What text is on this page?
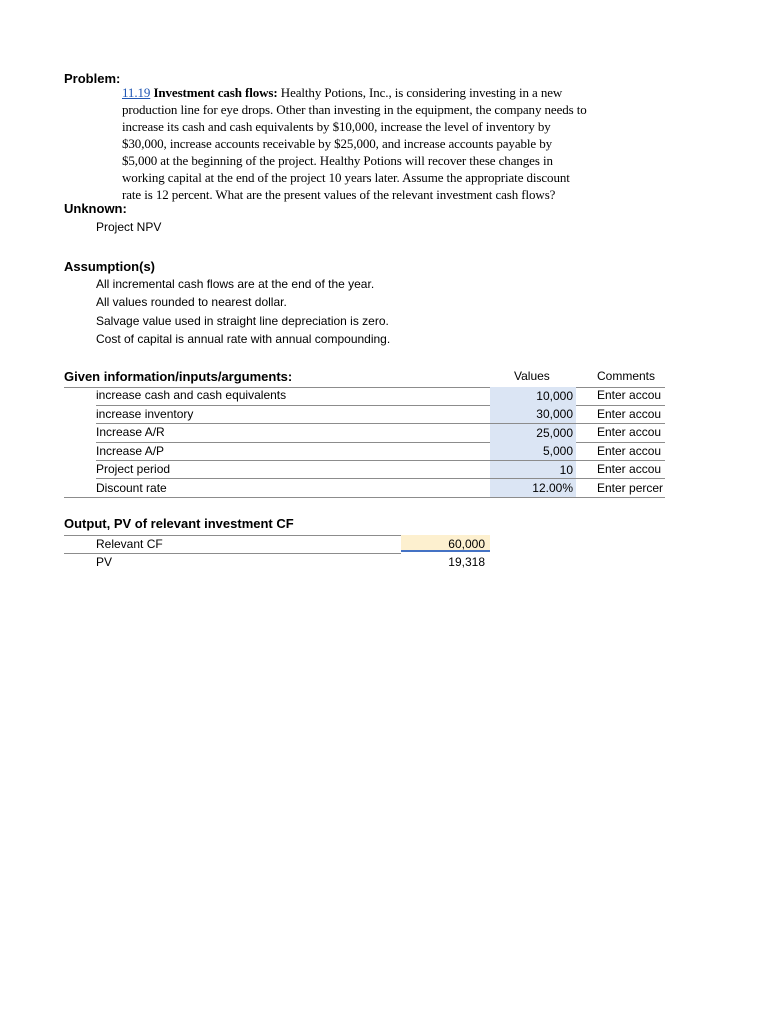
Problem:
11.19 Investment cash flows: Healthy Potions, Inc., is considering investing in a new
production line for eye drops. Other than investing in the equipment, the company needs to
increase its cash and cash equivalents by $10,000, increase the level of inventory by
$30,000, increase accounts receivable by $25,000, and increase accounts payable by
$5,000 at the beginning of the project. Healthy Potions will recover these changes in
working capital at the end of the project 10 years later. Assume the appropriate discount
rate is 12 percent. What are the present values of the relevant investment cash flows?
Unknown:
Project NPV
Assumption(s)
All incremental cash flows are at the end of the year.
All values rounded to nearest dollar.
Salvage value used in straight line depreciation is zero.
Cost of capital is annual rate with annual compounding.
Given information/inputs/arguments:	Values	Comments
increase cash and cash equivalents	10,000 Enter accou
increase inventory	30,000 Enter accou
Increase A/R	25,000 Enter accou
Increase A/P	5,000 Enter accou
Project period	10 Enter accou
Discount rate	12.00% Enter percer
Output, PV of relevant investment CF
Relevant CF	60,000
PV	19,318
